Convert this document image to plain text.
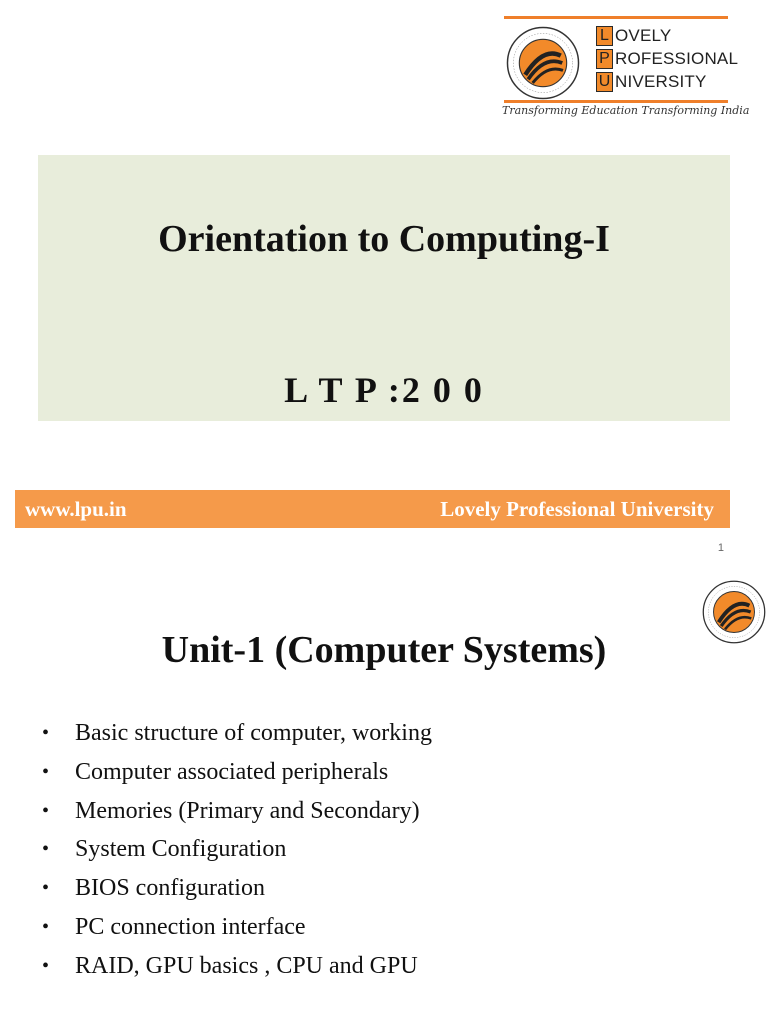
L OVELY
P ROFESSIONAL
U NIVERSITY
Transforming Education Transforming India
Orientation to Computing-I
L T P :2 0 0
www.lpu.in	Lovely Professional University
1
Unit-1 (Computer Systems)
• Basic structure of computer, working
• Computer associated peripherals
• Memories (Primary and Secondary)
• System Configuration
• BIOS configuration
• PC connection interface
• RAID, GPU basics , CPU and GPU
